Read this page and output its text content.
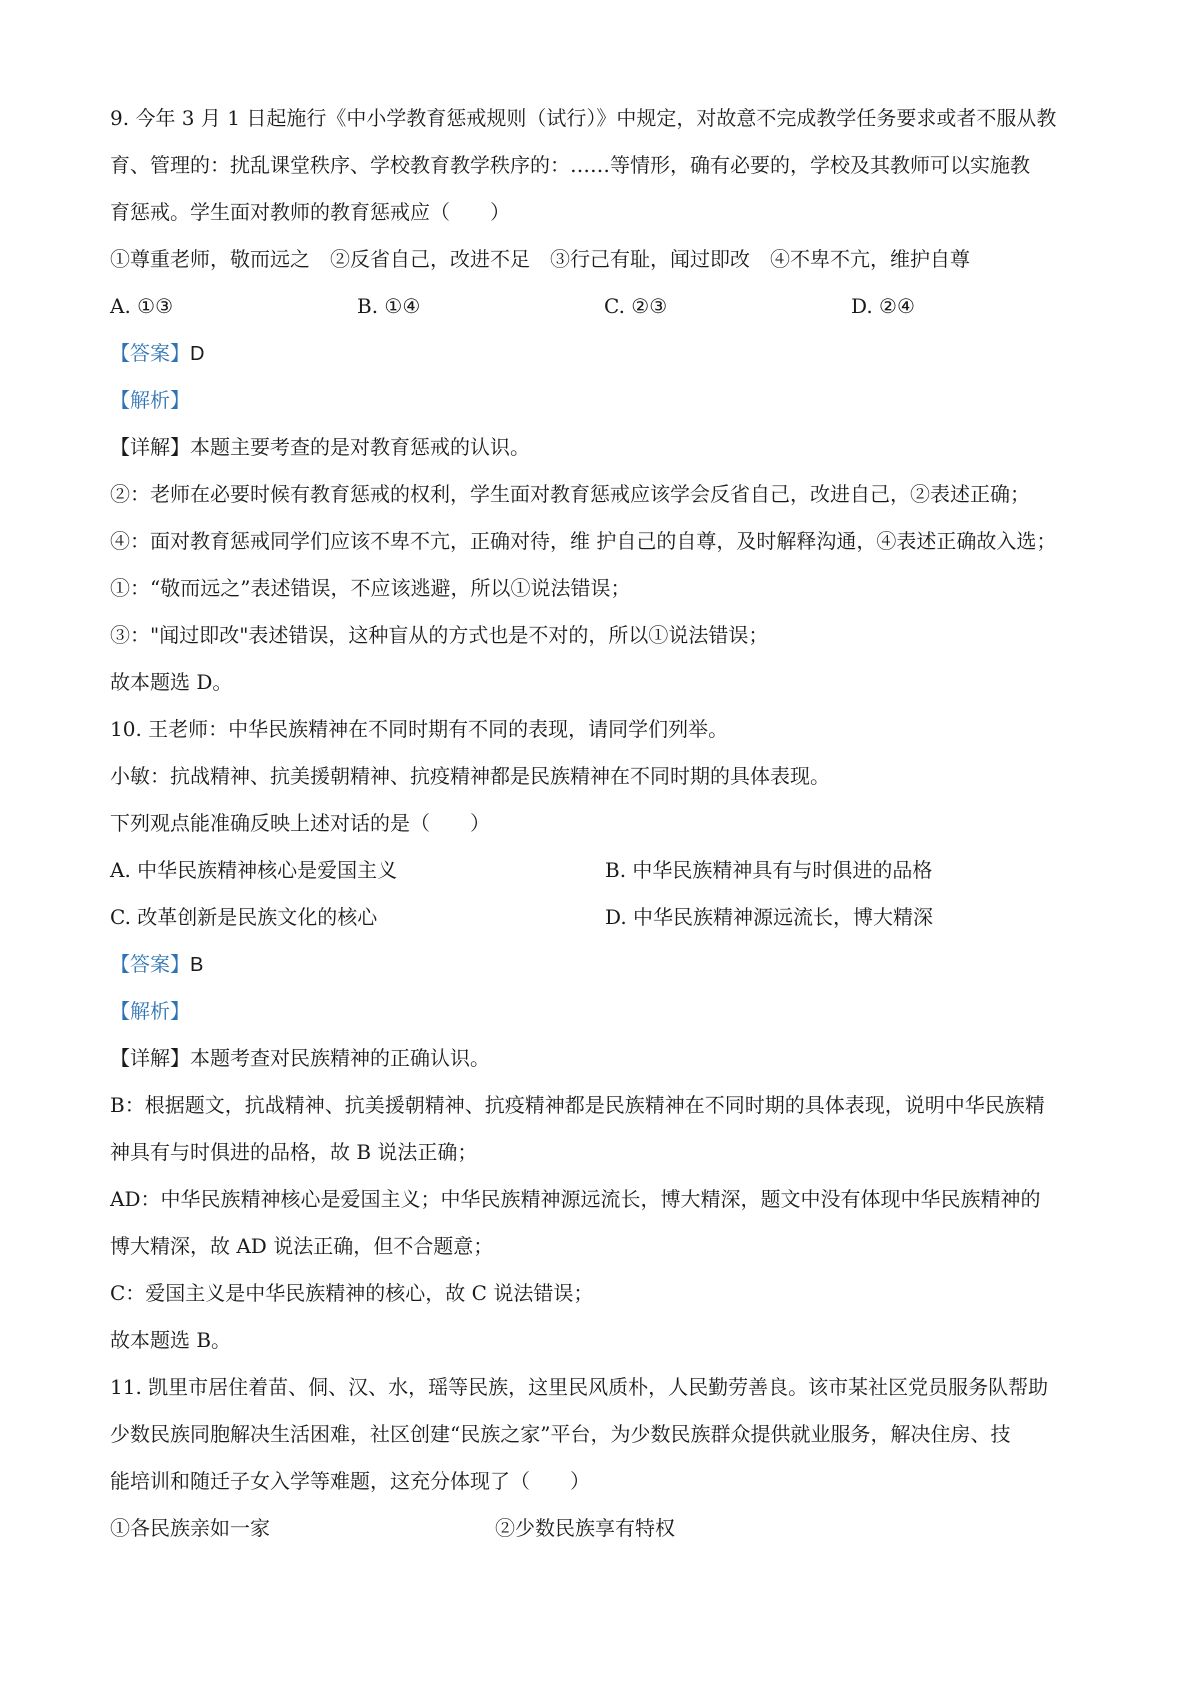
9. 今年 3 月 1 日起施行《中小学教育惩戒规则（试行）》中规定，对故意不完成教学任务要求或者不服从教
育、管理的：扰乱课堂秩序、学校教育教学秩序的：……等情形，确有必要的，学校及其教师可以实施教
育惩戒。学生面对教师的教育惩戒应（　　）
①尊重老师，敬而远之　②反省自己，改进不足　③行己有耻，闻过即改　④不卑不亢，维护自尊
A. ①③	B. ①④	C. ②③	D. ②④
【答案】D
【解析】
【详解】本题主要考查的是对教育惩戒的认识。
②：老师在必要时候有教育惩戒的权利，学生面对教育惩戒应该学会反省自己，改进自己，②表述正确；
④：面对教育惩戒同学们应该不卑不亢，正确对待，维 护自己的自尊，及时解释沟通，④表述正确故入选；
①：“敬而远之”表述错误，不应该逃避，所以①说法错误；
③："闻过即改"表述错误，这种盲从的方式也是不对的，所以①说法错误；
故本题选 D。
10. 王老师：中华民族精神在不同时期有不同的表现，请同学们列举。
小敏：抗战精神、抗美援朝精神、抗疫精神都是民族精神在不同时期的具体表现。
下列观点能准确反映上述对话的是（　　）
A. 中华民族精神核心是爱国主义	B. 中华民族精神具有与时俱进的品格
C. 改革创新是民族文化的核心	D. 中华民族精神源远流长，博大精深
【答案】B
【解析】
【详解】本题考查对民族精神的正确认识。
B：根据题文，抗战精神、抗美援朝精神、抗疫精神都是民族精神在不同时期的具体表现，说明中华民族精
神具有与时俱进的品格，故 B 说法正确；
AD：中华民族精神核心是爱国主义；中华民族精神源远流长，博大精深，题文中没有体现中华民族精神的
博大精深，故 AD 说法正确，但不合题意；
C：爱国主义是中华民族精神的核心，故 C 说法错误；
故本题选 B。
11. 凯里市居住着苗、侗、汉、水，瑶等民族，这里民风质朴，人民勤劳善良。该市某社区党员服务队帮助
少数民族同胞解决生活困难，社区创建“民族之家”平台，为少数民族群众提供就业服务，解决住房、技
能培训和随迁子女入学等难题，这充分体现了（　　）
①各民族亲如一家	②少数民族享有特权
